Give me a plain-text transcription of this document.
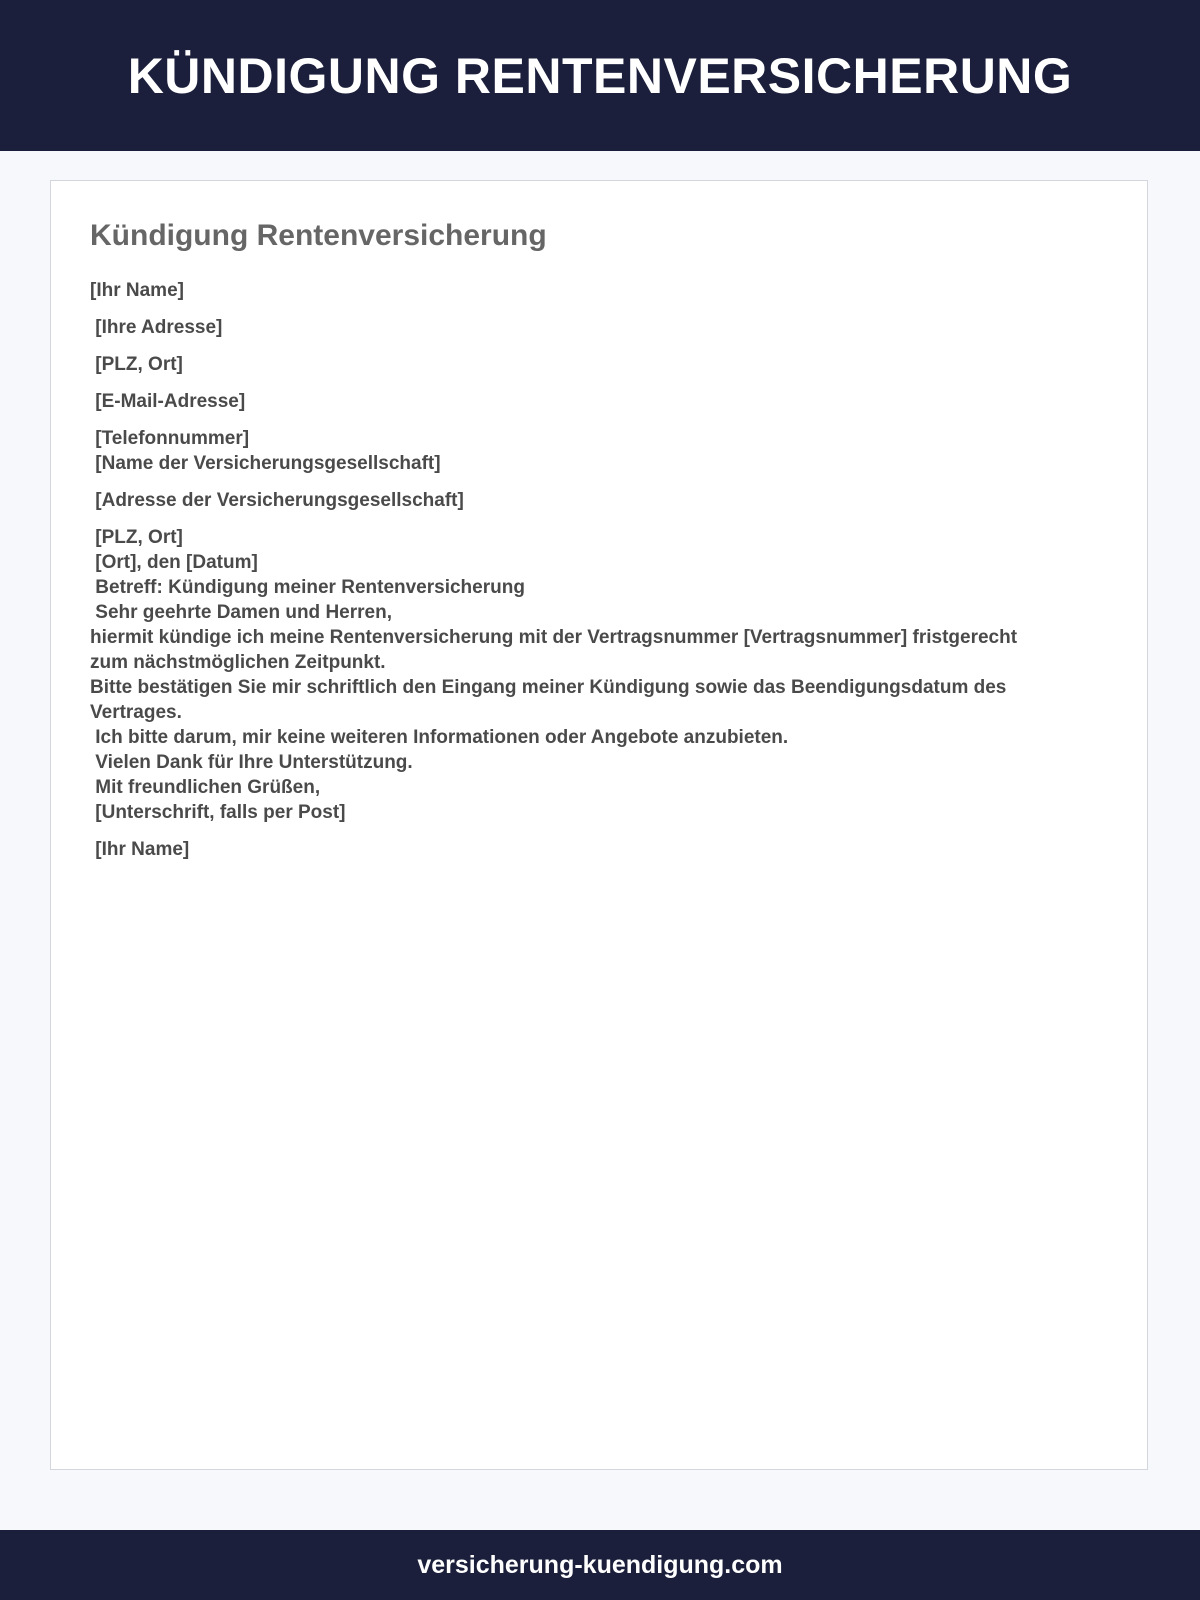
KÜNDIGUNG RENTENVERSICHERUNG
Kündigung Rentenversicherung

[Ihr Name]

[Ihre Adresse]

[PLZ, Ort]

[E-Mail-Adresse]

[Telefonnummer]

[Name der Versicherungsgesellschaft]

[Adresse der Versicherungsgesellschaft]

[PLZ, Ort]

[Ort], den [Datum]

Betreff: Kündigung meiner Rentenversicherung

Sehr geehrte Damen und Herren,

hiermit kündige ich meine Rentenversicherung mit der Vertragsnummer [Vertragsnummer] fristgerecht

zum nächstmöglichen Zeitpunkt.

Bitte bestätigen Sie mir schriftlich den Eingang meiner Kündigung sowie das Beendigungsdatum des

Vertrages.

Ich bitte darum, mir keine weiteren Informationen oder Angebote anzubieten.

Vielen Dank für Ihre Unterstützung.

Mit freundlichen Grüßen,

[Unterschrift, falls per Post]

[Ihr Name]

versicherung-kuendigung.com
